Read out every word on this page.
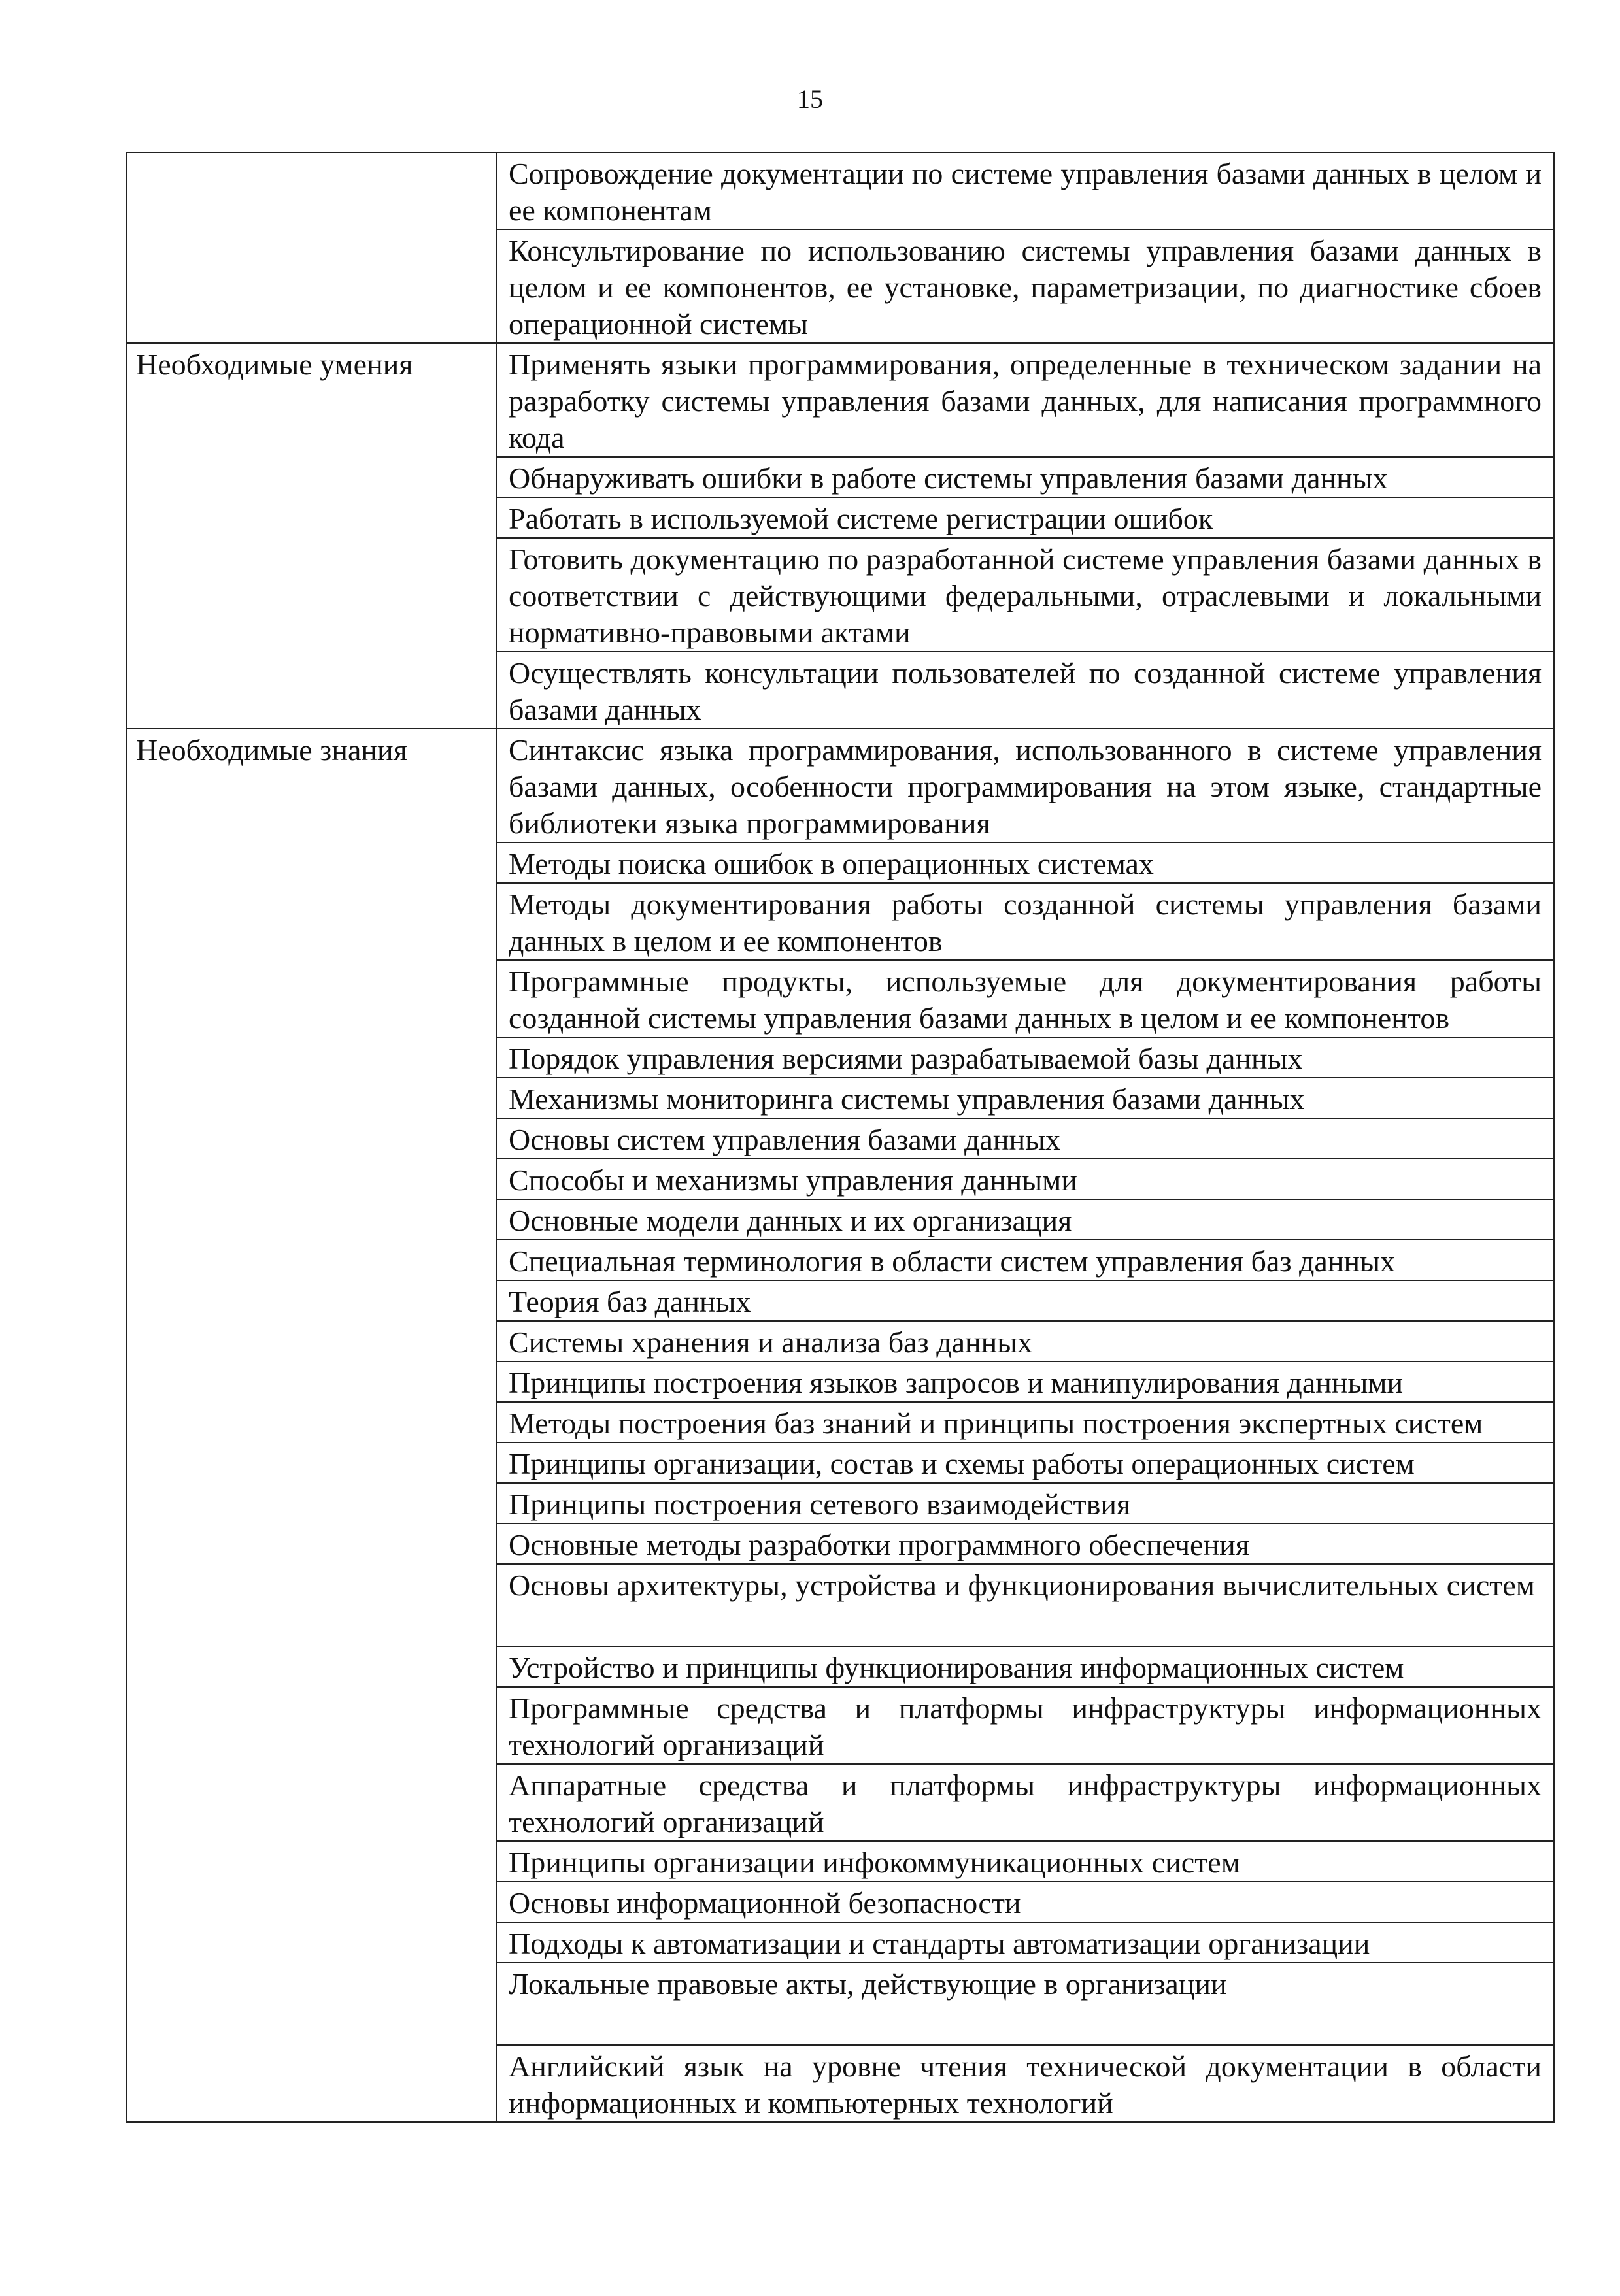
15
	Сопровождение документации по системе управления базами данных в целом и ее компонентам
	Консультирование по использованию системы управления базами данных в целом и ее компонентов, ее установке, параметризации, по диагностике сбоев операционной системы
Необходимые умения	Применять языки программирования, определенные в техническом задании на разработку системы управления базами данных, для написания программного кода
	Обнаруживать ошибки в работе системы управления базами данных
	Работать в используемой системе регистрации ошибок
	Готовить документацию по разработанной системе управления базами данных в соответствии с действующими федеральными, отраслевыми и локальными нормативно-правовыми актами
	Осуществлять консультации пользователей по созданной системе управления базами данных
Необходимые знания	Синтаксис языка программирования, использованного в системе управления базами данных, особенности программирования на этом языке, стандартные библиотеки языка программирования
	Методы поиска ошибок в операционных системах
	Методы документирования работы созданной системы управления базами данных в целом и ее компонентов
	Программные продукты, используемые для документирования работы созданной системы управления базами данных в целом и ее компонентов
	Порядок управления версиями разрабатываемой базы данных
	Механизмы мониторинга системы управления базами данных
	Основы систем управления базами данных
	Способы и механизмы управления данными
	Основные модели данных и их организация
	Специальная терминология в области систем управления баз данных
	Теория баз данных
	Системы хранения и анализа баз данных
	Принципы построения языков запросов и манипулирования данными
	Методы построения баз знаний и принципы построения экспертных систем
	Принципы организации, состав и схемы работы операционных систем
	Принципы построения сетевого взаимодействия
	Основные методы разработки программного обеспечения
	Основы архитектуры, устройства и функционирования вычислительных систем
	Устройство и принципы функционирования информационных систем
	Программные средства и платформы инфраструктуры информационных технологий организаций
	Аппаратные средства и платформы инфраструктуры информационных технологий организаций
	Принципы организации инфокоммуникационных систем
	Основы информационной безопасности
	Подходы к автоматизации и стандарты автоматизации организации
	Локальные правовые акты, действующие в организации
	Английский язык на уровне чтения технической документации в области информационных и компьютерных технологий
